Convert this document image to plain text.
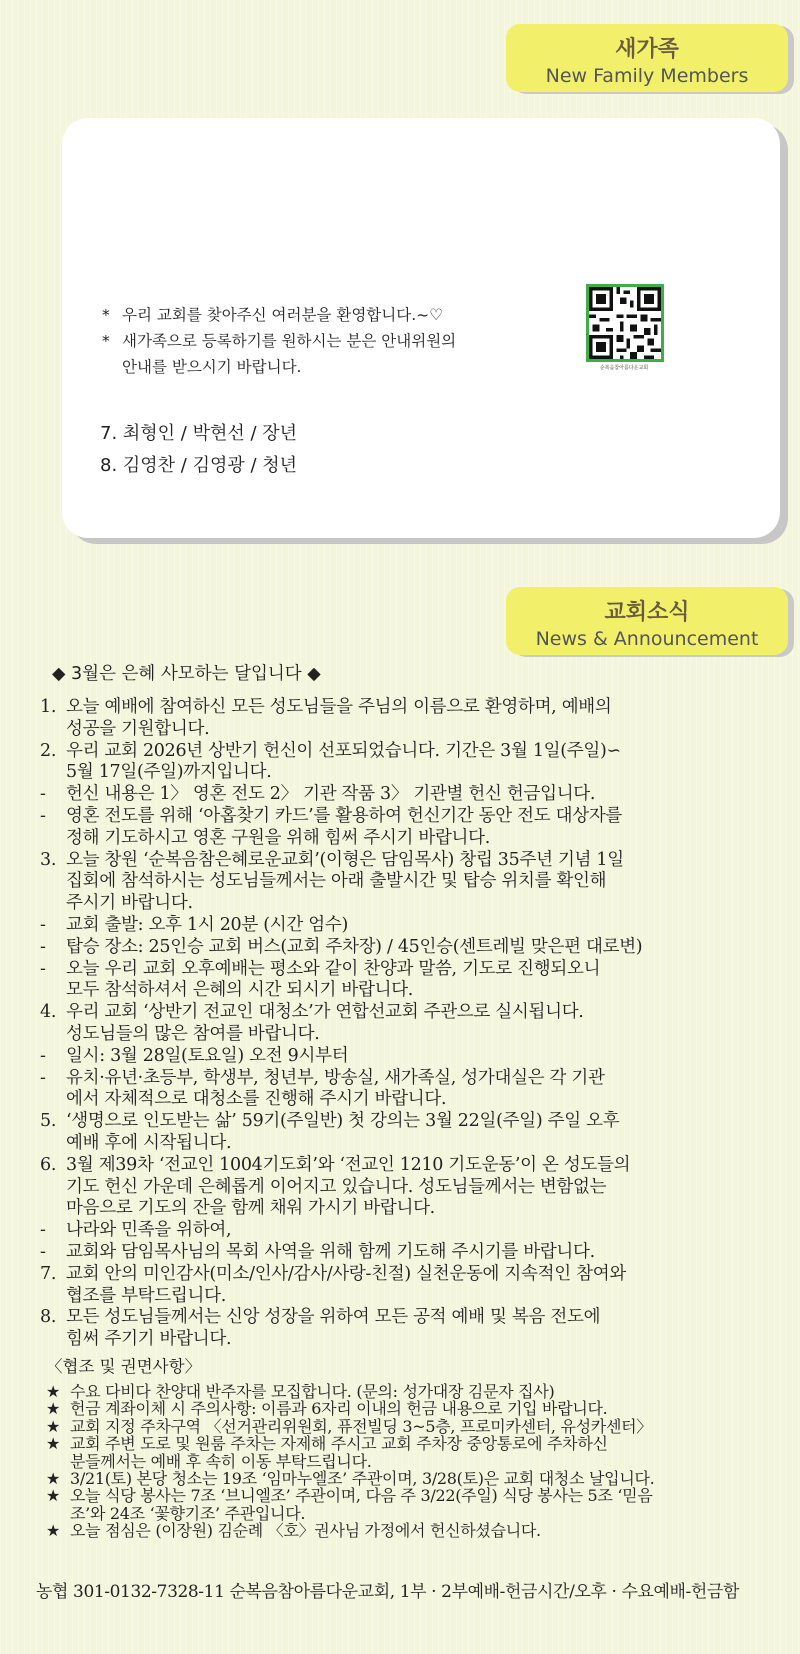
새가족
New Family Members
* 우리 교회를 찾아주신 여러분을 환영합니다.~♡
* 새가족으로 등록하기를 원하시는 분은 안내위원의
안내를 받으시기 바랍니다.	순복음참아름다운교회
7. 최형인 / 박현선 / 장년
8. 김영찬 / 김영광 / 청년
교회소식
News & Announcement
◆ 3월은 은혜 사모하는 달입니다 ◆
1. 오늘 예배에 참여하신 모든 성도님들을 주님의 이름으로 환영하며, 예배의
성공을 기원합니다.
2. 우리 교회 2026년 상반기 헌신이 선포되었습니다. 기간은 3월 1일(주일)∽
5월 17일(주일)까지입니다.
- 헌신 내용은 1〉 영혼 전도 2〉 기관 작품 3〉 기관별 헌신 헌금입니다.
- 영혼 전도를 위해 ‘아홉찾기 카드’를 활용하여 헌신기간 동안 전도 대상자를
정해 기도하시고 영혼 구원을 위해 힘써 주시기 바랍니다.
3. 오늘 창원 ‘순복음참은혜로운교회’(이형은 담임목사) 창립 35주년 기념 1일
집회에 참석하시는 성도님들께서는 아래 출발시간 및 탑승 위치를 확인해
주시기 바랍니다.
- 교회 출발: 오후 1시 20분 (시간 엄수)
- 탑승 장소: 25인승 교회 버스(교회 주차장) / 45인승(센트레빌 맞은편 대로변)
- 오늘 우리 교회 오후예배는 평소와 같이 찬양과 말씀, 기도로 진행되오니
모두 참석하셔서 은혜의 시간 되시기 바랍니다.
4. 우리 교회 ‘상반기 전교인 대청소’가 연합선교회 주관으로 실시됩니다.
성도님들의 많은 참여를 바랍니다.
- 일시: 3월 28일(토요일) 오전 9시부터
- 유치·유년·초등부, 학생부, 청년부, 방송실, 새가족실, 성가대실은 각 기관
에서 자체적으로 대청소를 진행해 주시기 바랍니다.
5. ‘생명으로 인도받는 삶’ 59기(주일반) 첫 강의는 3월 22일(주일) 주일 오후
예배 후에 시작됩니다.
6. 3월 제39차 ‘전교인 1004기도회’와 ‘전교인 1210 기도운동’이 온 성도들의
기도 헌신 가운데 은혜롭게 이어지고 있습니다. 성도님들께서는 변함없는
마음으로 기도의 잔을 함께 채워 가시기 바랍니다.
- 나라와 민족을 위하여,
- 교회와 담임목사님의 목회 사역을 위해 함께 기도해 주시기를 바랍니다.
7. 교회 안의 미인감사(미소/인사/감사/사랑-친절) 실천운동에 지속적인 참여와
협조를 부탁드립니다.
8. 모든 성도님들께서는 신앙 성장을 위하여 모든 공적 예배 및 복음 전도에
힘써 주기기 바랍니다.
〈협조 및 권면사항〉
★ 수요 다비다 찬양대 반주자를 모집합니다. (문의: 성가대장 김문자 집사)
★ 헌금 계좌이체 시 주의사항: 이름과 6자리 이내의 헌금 내용으로 기입 바랍니다.
★ 교회 지정 주차구역 〈선거관리위원회, 퓨전빌딩 3~5층, 프로미카센터, 유성카센터〉
★ 교회 주변 도로 및 원룸 주차는 자제해 주시고 교회 주차장 중앙통로에 주차하신
분들께서는 예배 후 속히 이동 부탁드립니다.
★ 3/21(토) 본당 청소는 19조 ‘임마누엘조’ 주관이며, 3/28(토)은 교회 대청소 날입니다.
★ 오늘 식당 봉사는 7조 ‘브니엘조’ 주관이며, 다음 주 3/22(주일) 식당 봉사는 5조 ‘믿음
조’와 24조 ‘꽃향기조’ 주관입니다.
★ 오늘 점심은 (이장원) 김순례 〈호〉권사님 가정에서 헌신하셨습니다.
농협 301-0132-7328-11 순복음참아름다운교회, 1부 · 2부예배-헌금시간/오후 · 수요예배-헌금함
